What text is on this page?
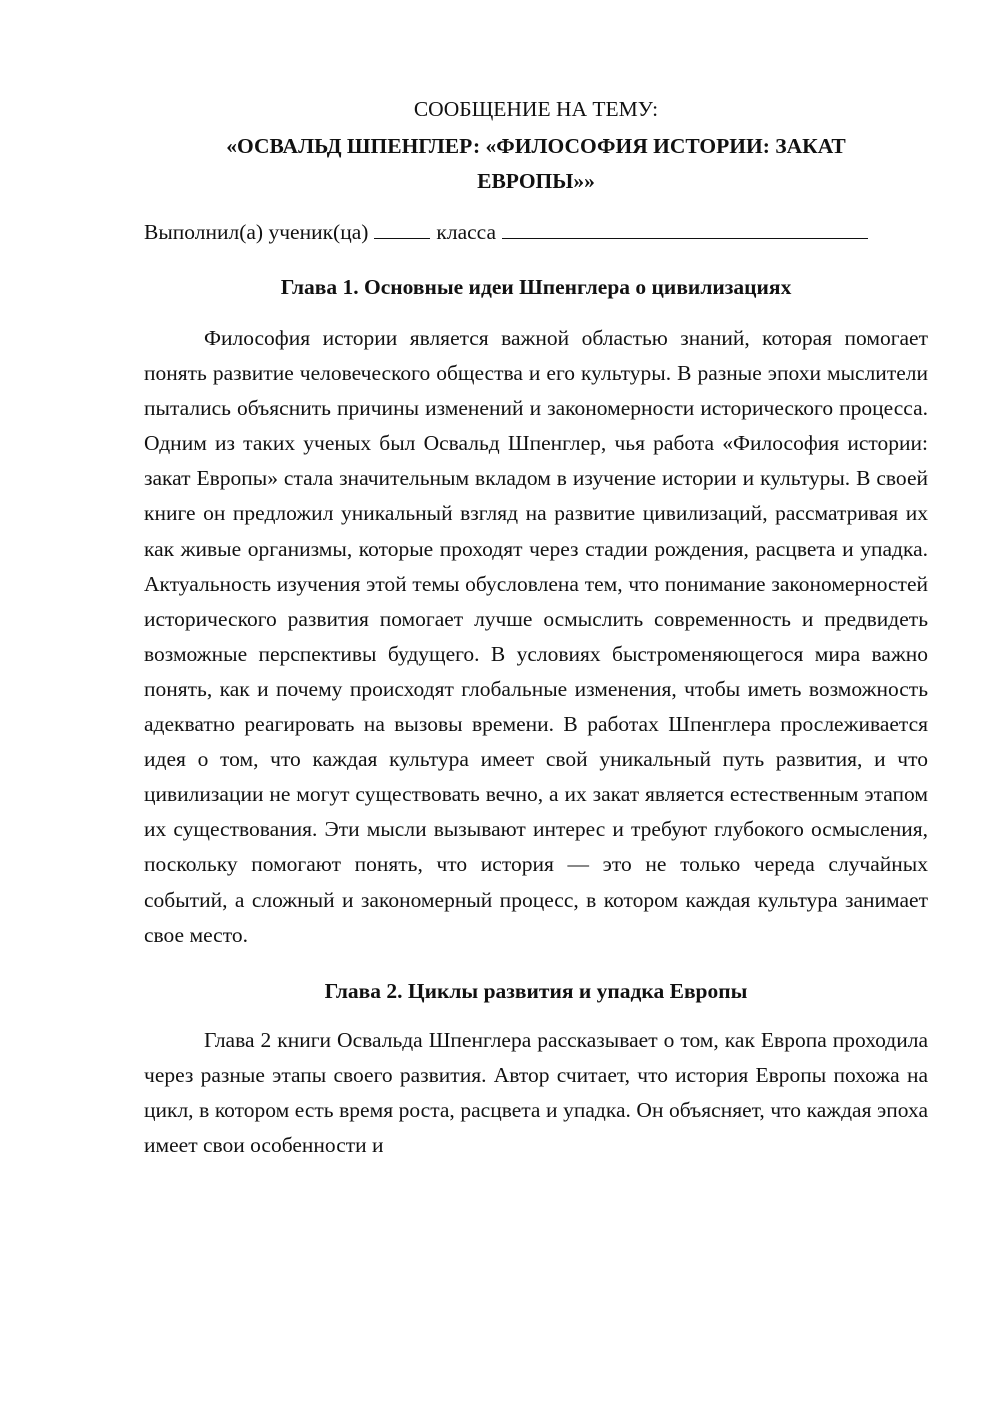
СООБЩЕНИЕ НА ТЕМУ:

«ОСВАЛЬД ШПЕНГЛЕР: «ФИЛОСОФИЯ ИСТОРИИ: ЗАКАТ

ЕВРОПЫ»»

Выполнил(а) ученик(ца)	класса

Глава 1. Основные идеи Шпенглера о цивилизациях

Философия истории является важной областью знаний, которая помогает понять развитие человеческого общества и его культуры. В разные эпохи мыслители пытались объяснить причины изменений и закономерности исторического процесса. Одним из таких ученых был Освальд Шпенглер, чья работа «Философия истории: закат Европы» стала значительным вкладом в изучение истории и культуры. В своей книге он предложил уникальный взгляд на развитие цивилизаций, рассматривая их как живые организмы, которые проходят через стадии рождения, расцвета и упадка. Актуальность изучения этой темы обусловлена тем, что понимание закономерностей исторического развития помогает лучше осмыслить современность и предвидеть возможные перспективы будущего. В условиях быстроменяющегося мира важно понять, как и почему происходят глобальные изменения, чтобы иметь возможность адекватно реагировать на вызовы времени. В работах Шпенглера прослеживается идея о том, что каждая культура имеет свой уникальный путь развития, и что цивилизации не могут существовать вечно, а их закат является естественным этапом их существования. Эти мысли вызывают интерес и требуют глубокого осмысления, поскольку помогают понять, что история — это не только череда случайных событий, а сложный и закономерный процесс, в котором каждая культура занимает свое место.

Глава 2. Циклы развития и упадка Европы

Глава 2 книги Освальда Шпенглера рассказывает о том, как Европа проходила через разные этапы своего развития. Автор считает, что история Европы похожа на цикл, в котором есть время роста, расцвета и упадка. Он объясняет, что каждая эпоха имеет свои особенности и
